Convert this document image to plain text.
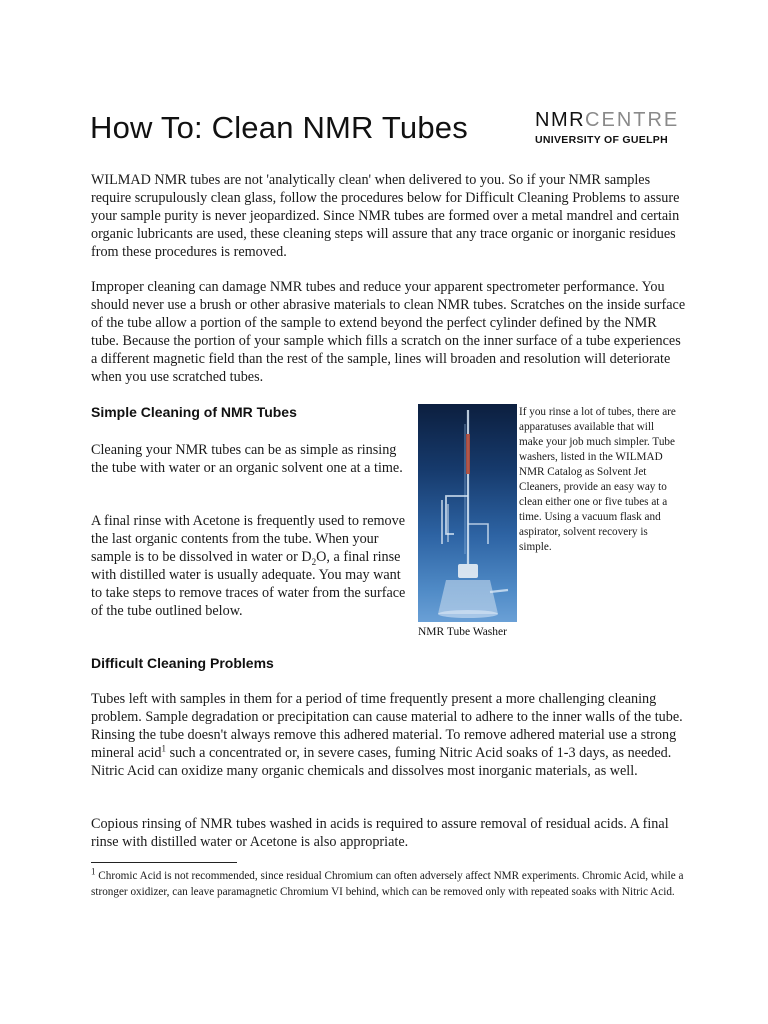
How To: Clean NMR Tubes	NMRCENTRE
UNIVERSITY OF GUELPH

WILMAD NMR tubes are not 'analytically clean' when delivered to you. So if your NMR samples require scrupulously clean glass, follow the procedures below for Difficult Cleaning Problems to assure your sample purity is never jeopardized. Since NMR tubes are formed over a metal mandrel and certain organic lubricants are used, these cleaning steps will assure that any trace organic or inorganic residues from these procedures is removed.

Improper cleaning can damage NMR tubes and reduce your apparent spectrometer performance. You should never use a brush or other abrasive materials to clean NMR tubes. Scratches on the inside surface of the tube allow a portion of the sample to extend beyond the perfect cylinder defined by the NMR tube. Because the portion of your sample which fills a scratch on the inner surface of a tube experiences a different magnetic field than the rest of the sample, lines will broaden and resolution will deteriorate when you use scratched tubes.

Simple Cleaning of NMR Tubes

Cleaning your NMR tubes can be as simple as rinsing the tube with water or an organic solvent one at a time.

A final rinse with Acetone is frequently used to remove the last organic contents from the tube. When your sample is to be dissolved in water or $D_2O$, a final rinse with distilled water is usually adequate. You may want to take steps to remove traces of water from the surface of the tube outlined below.

NMR Tube Washer

If you rinse a lot of tubes, there are apparatuses available that will make your job much simpler. Tube washers, listed in the WILMAD NMR Catalog as Solvent Jet Cleaners, provide an easy way to clean either one or five tubes at a time. Using a vacuum flask and aspirator, solvent recovery is simple.

Difficult Cleaning Problems

Tubes left with samples in them for a period of time frequently present a more challenging cleaning problem. Sample degradation or precipitation can cause material to adhere to the inner walls of the tube. Rinsing the tube doesn't always remove this adhered material. To remove adhered material use a strong mineral acid$^1$ such a concentrated or, in severe cases, fuming Nitric Acid soaks of 1-3 days, as needed. Nitric Acid can oxidize many organic chemicals and dissolves most inorganic materials, as well.

Copious rinsing of NMR tubes washed in acids is required to assure removal of residual acids. A final rinse with distilled water or Acetone is also appropriate.

$^1$ Chromic Acid is not recommended, since residual Chromium can often adversely affect NMR experiments. Chromic Acid, while a stronger oxidizer, can leave paramagnetic Chromium VI behind, which can be removed only with repeated soaks with Nitric Acid.
